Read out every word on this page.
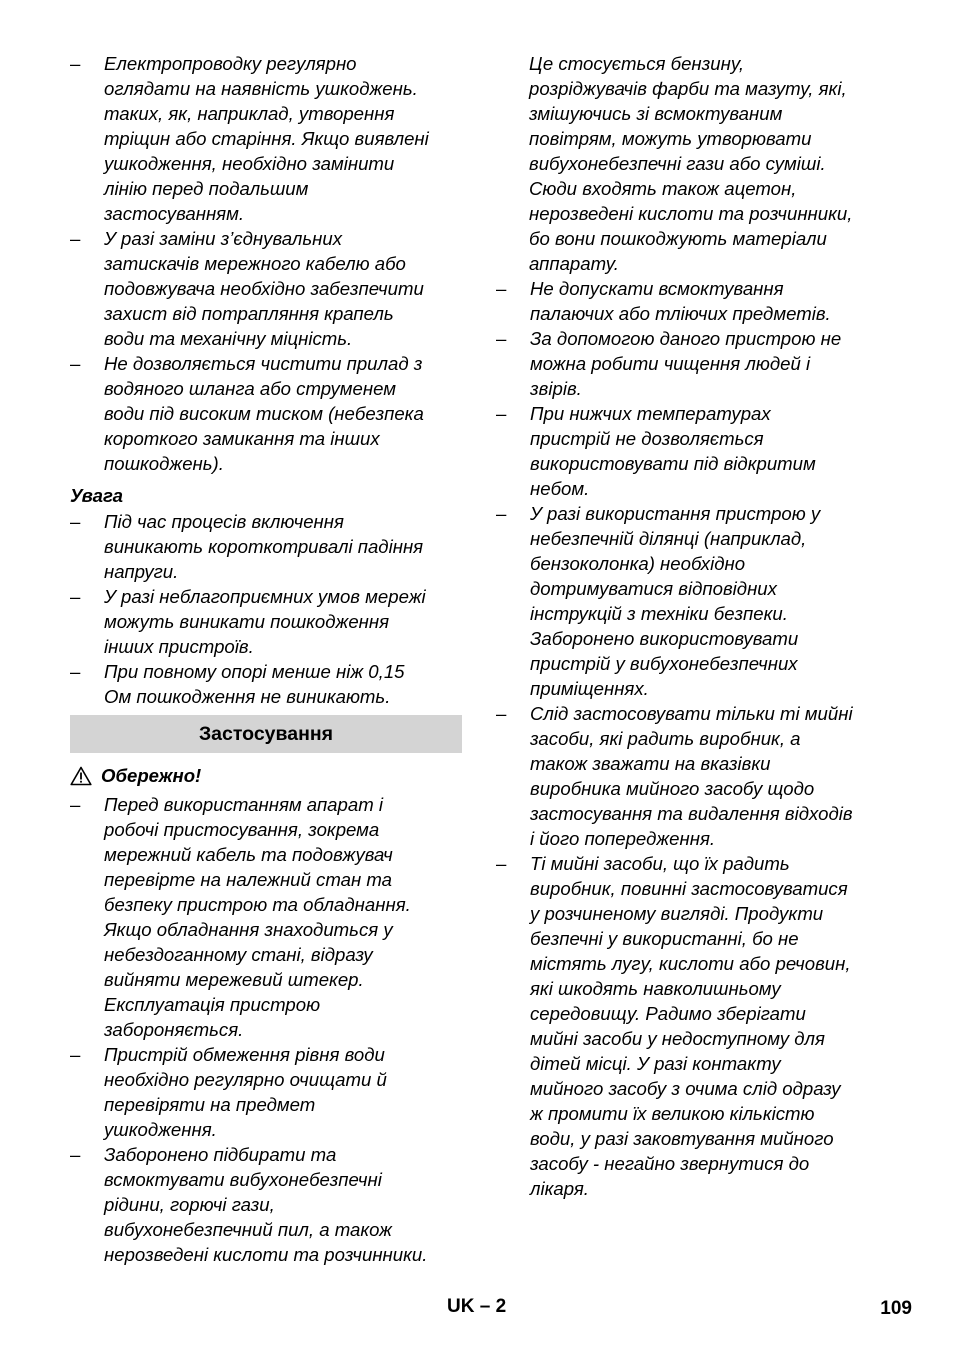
– Електропроводку регулярно
оглядати на наявність ушкоджень.
таких, як, наприклад, утворення
тріщин або старіння. Якщо виявлені
ушкодження, необхідно замінити
лінію перед подальшим
застосуванням.
– У разі заміни з’єднувальних
затискачів мережного кабелю або
подовжувача необхідно забезпечити
захист від потрапляння крапель
води та механічну міцність.
– Не дозволяється чистити прилад з
водяного шланга або струменем
води під високим тиском (небезпека
короткого замикання та інших
пошкоджень).
Увага
– Під час процесів включення
виникають короткотривалі падіння
напруги.
– У разі неблагоприємних умов мережі
можуть виникати пошкодження
інших пристроїв.
– При повному опорі менше ніж 0,15
Ом пошкодження не виникають.
Застосування
Обережно!
– Перед використанням апарат і
робочі пристосування, зокрема
мережний кабель та подовжувач
перевірте на належний стан та
безпеку пристрою та обладнання.
Якщо обладнання знаходиться у
небездоганному стані, відразу
вийняти мережевий штекер.
Експлуатація пристрою
забороняється.
– Пристрій обмеження рівня води
необхідно регулярно очищати й
перевіряти на предмет
ушкодження.
– Заборонено підбирати та
всмоктувати вибухонебезпечні
рідини, горючі гази,
вибухонебезпечний пил, а також
нерозведені кислоти та розчинники.
Це стосується бензину,
розріджувачів фарби та мазуту, які,
змішуючись зі всмоктуваним
повітрям, можуть утворювати
вибухонебезпечні гази або суміші.
Сюди входять також ацетон,
нерозведені кислоти та розчинники,
бо вони пошкоджують матеріали
аппарату.
– Не допускати всмоктування
палаючих або тліючих предметів.
– За допомогою даного пристрою не
можна робити чищення людей і
звірів.
– При нижчих температурах
пристрій не дозволяється
використовувати під відкритим
небом.
– У разі використання пристрою у
небезпечній ділянці (наприклад,
бензоколонка) необхідно
дотримуватися відповідних
інструкцій з техніки безпеки.
Заборонено використовувати
пристрій у вибухонебезпечних
приміщеннях.
– Слід застосовувати тільки ті мийні
засоби, які радить виробник, а
також зважати на вказівки
виробника мийного засобу щодо
застосування та видалення відходів
і його попередження.
– Ті мийні засоби, що їх радить
виробник, повинні застосовуватися
у розчиненому вигляді. Продукти
безпечні у використанні, бо не
містять лугу, кислоти або речовин,
які шкодять навколишньому
середовищу. Радимо зберігати
мийні засоби у недоступному для
дітей місці. У разі контакту
мийного засобу з очима слід одразу
ж промити їх великою кількістю
води, у разі заковтування мийного
засобу - негайно звернутися до
лікаря.
UK – 2	109
